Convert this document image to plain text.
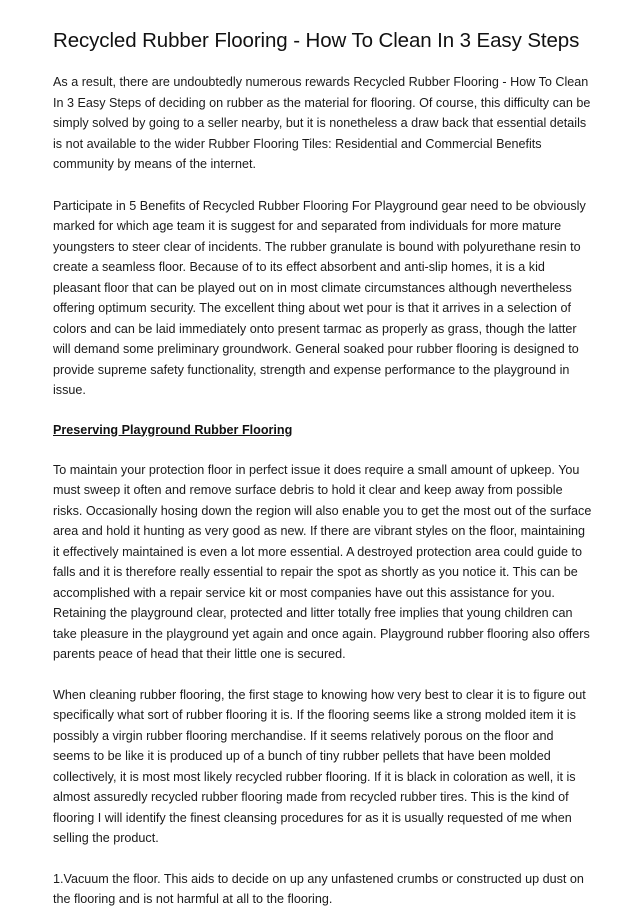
Recycled Rubber Flooring - How To Clean In 3 Easy Steps

As a result, there are undoubtedly numerous rewards Recycled Rubber Flooring - How To Clean In 3 Easy Steps of deciding on rubber as the material for flooring. Of course, this difficulty can be simply solved by going to a seller nearby, but it is nonetheless a draw back that essential details is not available to the wider Rubber Flooring Tiles: Residential and Commercial Benefits community by means of the internet.

Participate in 5 Benefits of Recycled Rubber Flooring For Playground gear need to be obviously marked for which age team it is suggest for and separated from individuals for more mature youngsters to steer clear of incidents. The rubber granulate is bound with polyurethane resin to create a seamless floor. Because of to its effect absorbent and anti-slip homes, it is a kid pleasant floor that can be played out on in most climate circumstances although nevertheless offering optimum security. The excellent thing about wet pour is that it arrives in a selection of colors and can be laid immediately onto present tarmac as properly as grass, though the latter will demand some preliminary groundwork. General soaked pour rubber flooring is designed to provide supreme safety functionality, strength and expense performance to the playground in issue.

Preserving Playground Rubber Flooring

To maintain your protection floor in perfect issue it does require a small amount of upkeep. You must sweep it often and remove surface debris to hold it clear and keep away from possible risks. Occasionally hosing down the region will also enable you to get the most out of the surface area and hold it hunting as very good as new. If there are vibrant styles on the floor, maintaining it effectively maintained is even a lot more essential. A destroyed protection area could guide to falls and it is therefore really essential to repair the spot as shortly as you notice it. This can be accomplished with a repair service kit or most companies have out this assistance for you. Retaining the playground clear, protected and litter totally free implies that young children can take pleasure in the playground yet again and once again. Playground rubber flooring also offers parents peace of head that their little one is secured.

When cleaning rubber flooring, the first stage to knowing how very best to clear it is to figure out specifically what sort of rubber flooring it is. If the flooring seems like a strong molded item it is possibly a virgin rubber flooring merchandise. If it seems relatively porous on the floor and seems to be like it is produced up of a bunch of tiny rubber pellets that have been molded collectively, it is most most likely recycled rubber flooring. If it is black in coloration as well, it is almost assuredly recycled rubber flooring made from recycled rubber tires. This is the kind of flooring I will identify the finest cleansing procedures for as it is usually requested of me when selling the product.

1.Vacuum the floor. This aids to decide on up any unfastened crumbs or constructed up dust on the flooring and is not harmful at all to the flooring.
